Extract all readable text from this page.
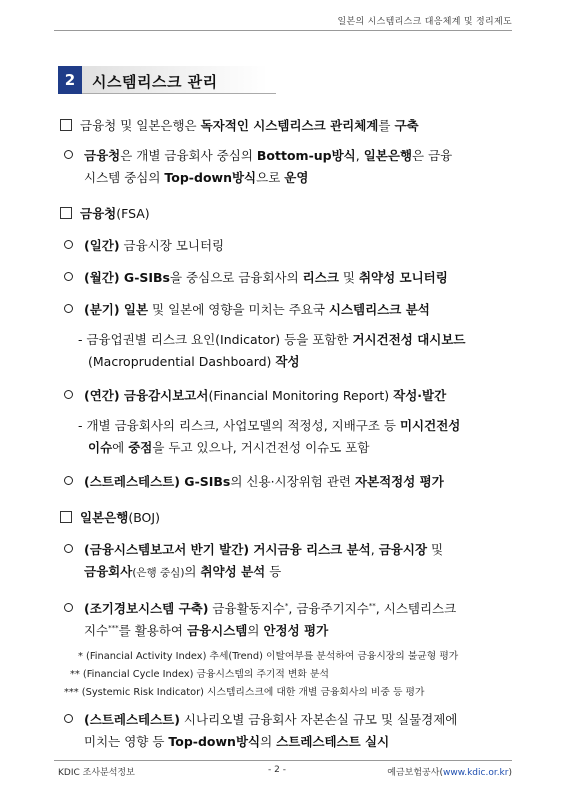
일본의 시스템리스크 대응체계 및 정리제도
2	시스템리스크 관리
금융청 및 일본은행은 독자적인 시스템리스크 관리체계를 구축
금융청은 개별 금융회사 중심의 Bottom-up방식, 일본은행은 금융
시스템 중심의 Top-down방식으로 운영
금융청(FSA)
(일간) 금융시장 모니터링
(월간) G-SIBs을 중심으로 금융회사의 리스크 및 취약성 모니터링
(분기) 일본 및 일본에 영향을 미치는 주요국 시스템리스크 분석
- 금융업권별 리스크 요인(Indicator) 등을 포함한 거시건전성 대시보드
(Macroprudential Dashboard) 작성
(연간) 금융감시보고서(Financial Monitoring Report) 작성·발간
- 개별 금융회사의 리스크, 사업모델의 적정성, 지배구조 등 미시건전성
이슈에 중점을 두고 있으나, 거시건전성 이슈도 포함
(스트레스테스트) G-SIBs의 신용·시장위험 관련 자본적정성 평가
일본은행(BOJ)
(금융시스템보고서 반기 발간) 거시금융 리스크 분석, 금융시장 및
금융회사(은행 중심)의 취약성 분석 등
(조기경보시스템 구축) 금융활동지수*, 금융주기지수**, 시스템리스크
지수***를 활용하여 금융시스템의 안정성 평가
* (Financial Activity Index) 추세(Trend) 이탈여부를 분석하여 금융시장의 불균형 평가
** (Financial Cycle Index) 금융시스템의 주기적 변화 분석
*** (Systemic Risk Indicator) 시스템리스크에 대한 개별 금융회사의 비중 등 평가
(스트레스테스트) 시나리오별 금융회사 자본손실 규모 및 실물경제에
미치는 영향 등 Top-down방식의 스트레스테스트 실시
KDIC 조사분석정보	- 2 -	예금보험공사(www.kdic.or.kr)
